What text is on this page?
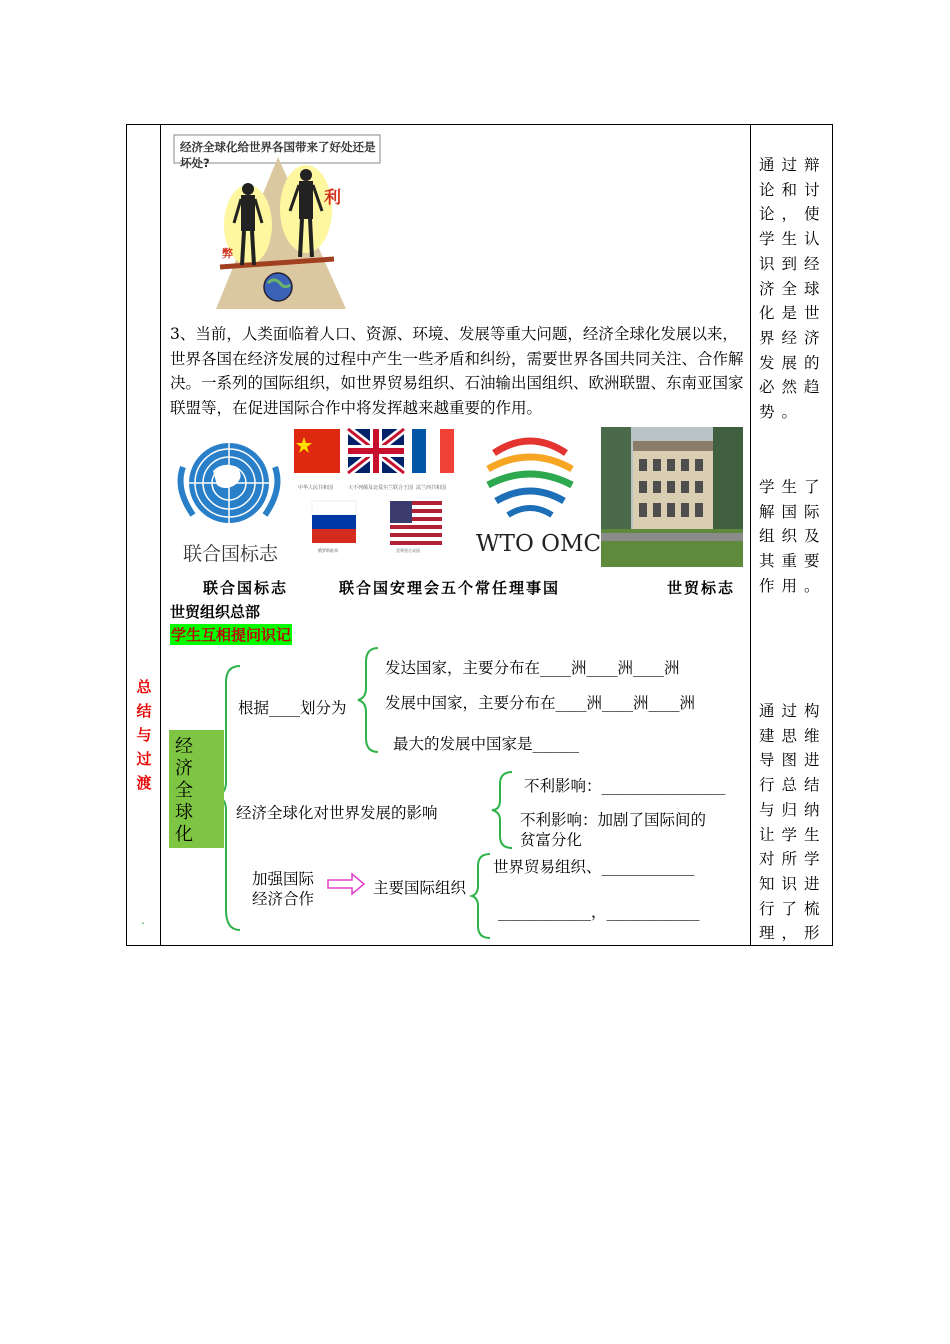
总结与过渡
.
通过辩论和讨论，使学生认识到经济全球化是世界经济发展的必然趋势。
学生了解国际组织及其重要作用。
通过构建思维导图进行总结与归纳让学生对所学知识进行了梳理，形
利
弊
经济全球化给世界各国带来了好处还是坏处?
3、当前，人类面临着人口、资源、环境、发展等重大问题，经济全球化发展以来，世界各国在经济发展的过程中产生一些矛盾和纠纷，需要世界各国共同关注、合作解决。一系列的国际组织，如世界贸易组织、石油输出国组织、欧洲联盟、东南亚国家联盟等，在促进国际合作中将发挥越来越重要的作用。
联合国标志
中华人民共和国	大不列颠及北爱尔兰联合王国 法兰西共和国
俄罗斯联邦	美利坚合众国 WTO OMC
联合国标志	联合国安理会五个常任理事国	世贸标志
世贸组织总部
学生互相提问识记
经济全球化
根据____划分为
发达国家，主要分布在____洲____洲____洲
发展中国家，主要分布在____洲____洲____洲
最大的发展中国家是______
经济全球化对世界发展的影响
不利影响：________________
不利影响：加剧了国际间的
贫富分化
加强国际
经济合作
主要国际组织
世界贸易组织、____________
____________，____________
